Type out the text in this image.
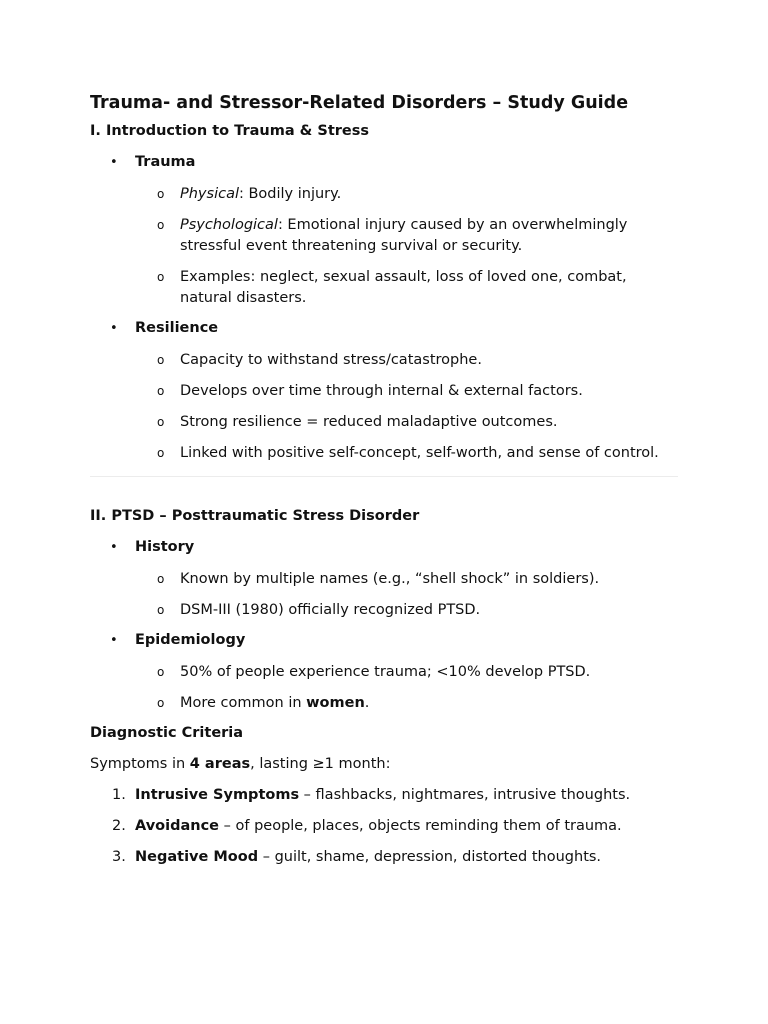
Trauma- and Stressor-Related Disorders – Study Guide
I. Introduction to Trauma & Stress
• Trauma
o Physical: Bodily injury.
o Psychological: Emotional injury caused by an overwhelmingly stressful event threatening survival or security.
o Examples: neglect, sexual assault, loss of loved one, combat, natural disasters.
• Resilience
o Capacity to withstand stress/catastrophe.
o Develops over time through internal & external factors.
o Strong resilience = reduced maladaptive outcomes.
o Linked with positive self-concept, self-worth, and sense of control.
II. PTSD – Posttraumatic Stress Disorder
• History
o Known by multiple names (e.g., “shell shock” in soldiers).
o DSM-III (1980) officially recognized PTSD.
• Epidemiology
o 50% of people experience trauma; <10% develop PTSD.
o More common in women.
Diagnostic Criteria
Symptoms in 4 areas, lasting ≥1 month:
1. Intrusive Symptoms – flashbacks, nightmares, intrusive thoughts.
2. Avoidance – of people, places, objects reminding them of trauma.
3. Negative Mood – guilt, shame, depression, distorted thoughts.
